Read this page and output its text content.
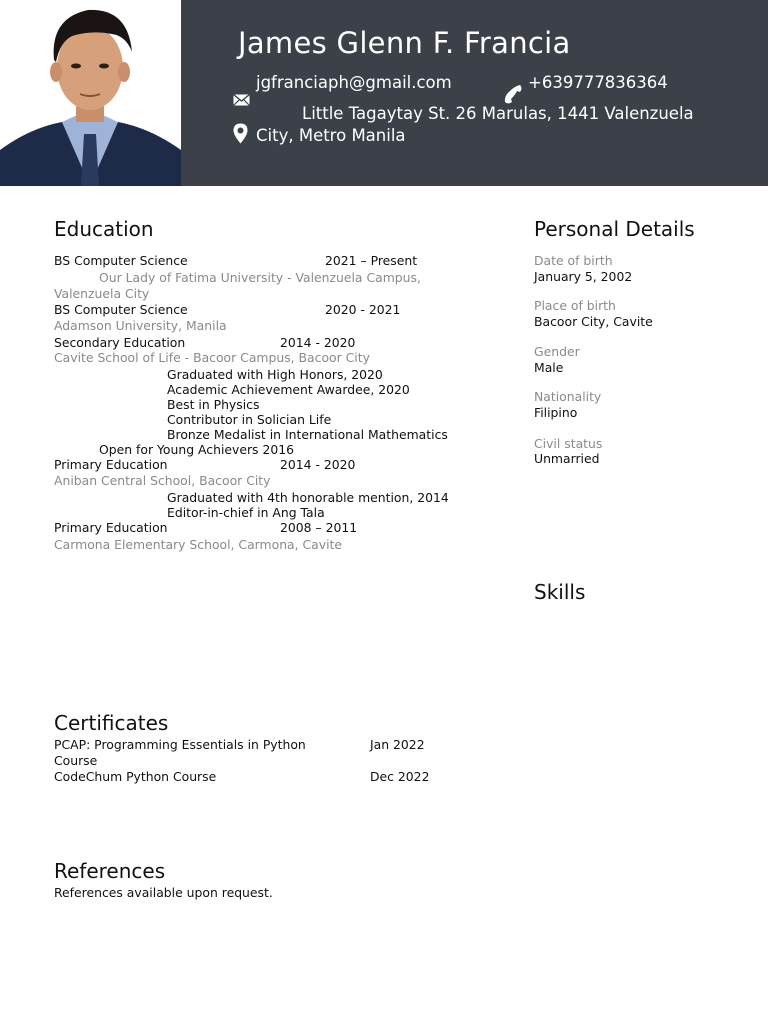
James Glenn F. Francia
jgfranciaph@gmail.com	+639777836364
Little Tagaytay St. 26 Marulas, 1441 Valenzuela
City, Metro Manila
Education
BS Computer Science	2021 – Present
Our Lady of Fatima University - Valenzuela Campus,
Valenzuela City
BS Computer Science	2020 - 2021
Adamson University, Manila
Secondary Education	2014 - 2020
Cavite School of Life - Bacoor Campus, Bacoor City
Graduated with High Honors, 2020
Academic Achievement Awardee, 2020
Best in Physics
Contributor in Solician Life
Bronze Medalist in International Mathematics
Open for Young Achievers 2016
Primary Education	2014 - 2020
Aniban Central School, Bacoor City
Graduated with 4th honorable mention, 2014
Editor-in-chief in Ang Tala
Primary Education	2008 – 2011
Carmona Elementary School, Carmona, Cavite
Personal Details
Date of birth
January 5, 2002
Place of birth
Bacoor City, Cavite
Gender
Male
Nationality
Filipino
Civil status
Unmarried
Skills
Certificates
PCAP: Programming Essentials in Python
Course
Jan 2022
CodeChum Python Course	Dec 2022
References
References available upon request.
